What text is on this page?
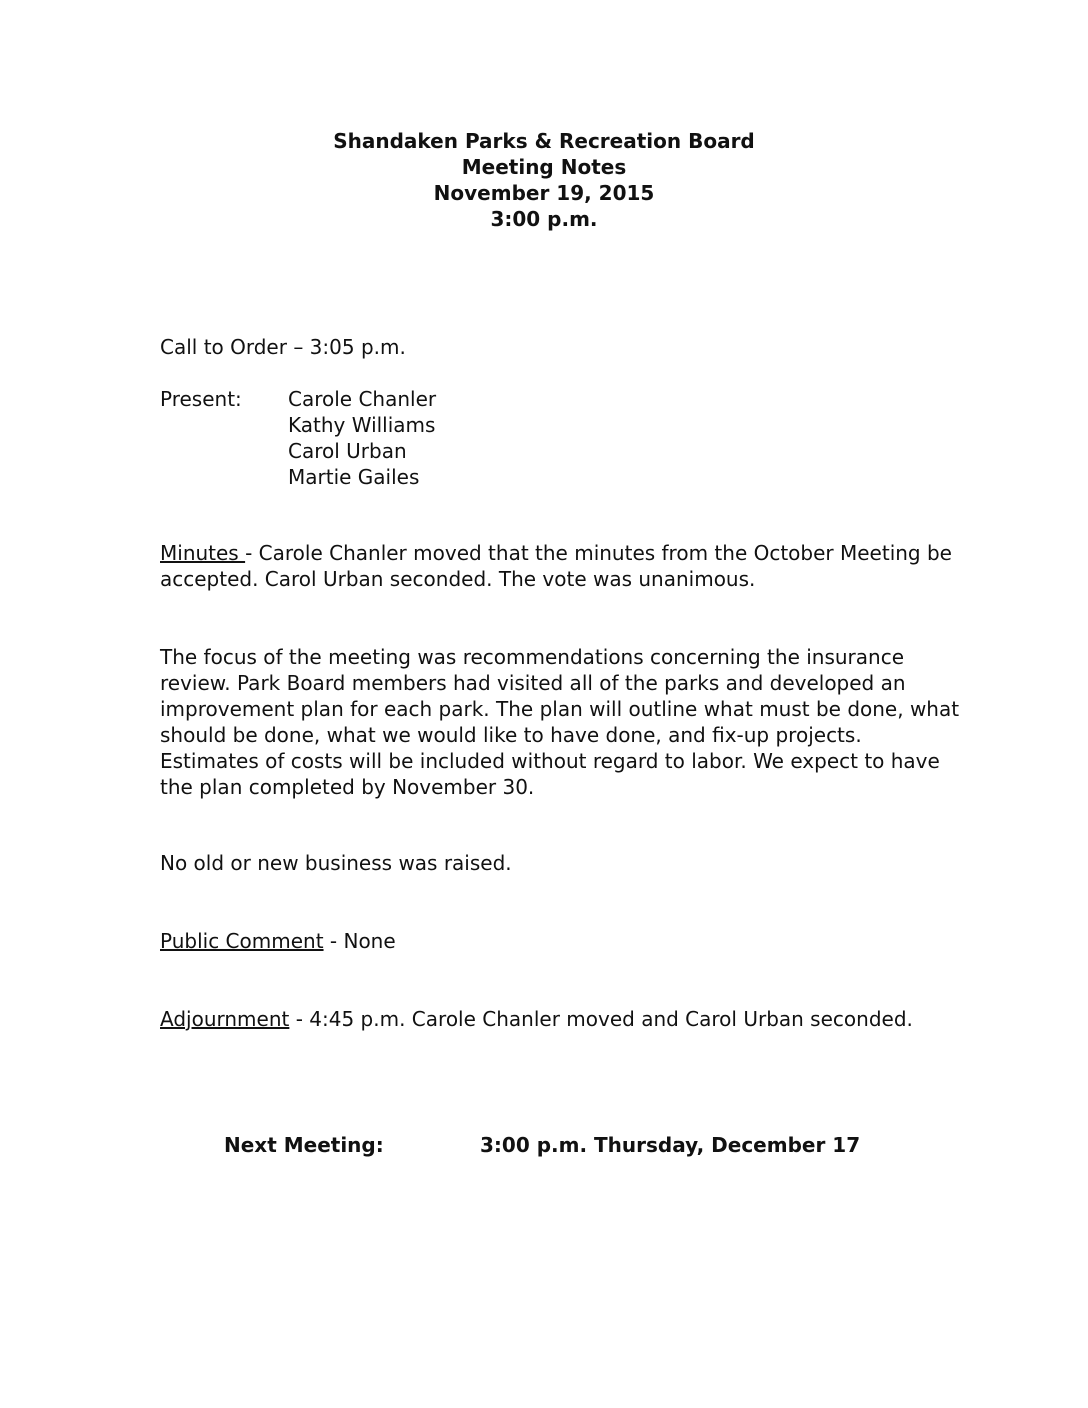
Shandaken Parks & Recreation Board
Meeting Notes
November 19, 2015
3:00 p.m.
Call to Order – 3:05 p.m.
Present: Carole Chanler
Kathy Williams
Carol Urban
Martie Gailes
Minutes - Carole Chanler moved that the minutes from the October Meeting be
accepted. Carol Urban seconded. The vote was unanimous.
The focus of the meeting was recommendations concerning the insurance
review. Park Board members had visited all of the parks and developed an
improvement plan for each park. The plan will outline what must be done, what
should be done, what we would like to have done, and fix-up projects.
Estimates of costs will be included without regard to labor. We expect to have
the plan completed by November 30.
No old or new business was raised.
Public Comment - None
Adjournment - 4:45 p.m. Carole Chanler moved and Carol Urban seconded.
Next Meeting:	3:00 p.m. Thursday, December 17
